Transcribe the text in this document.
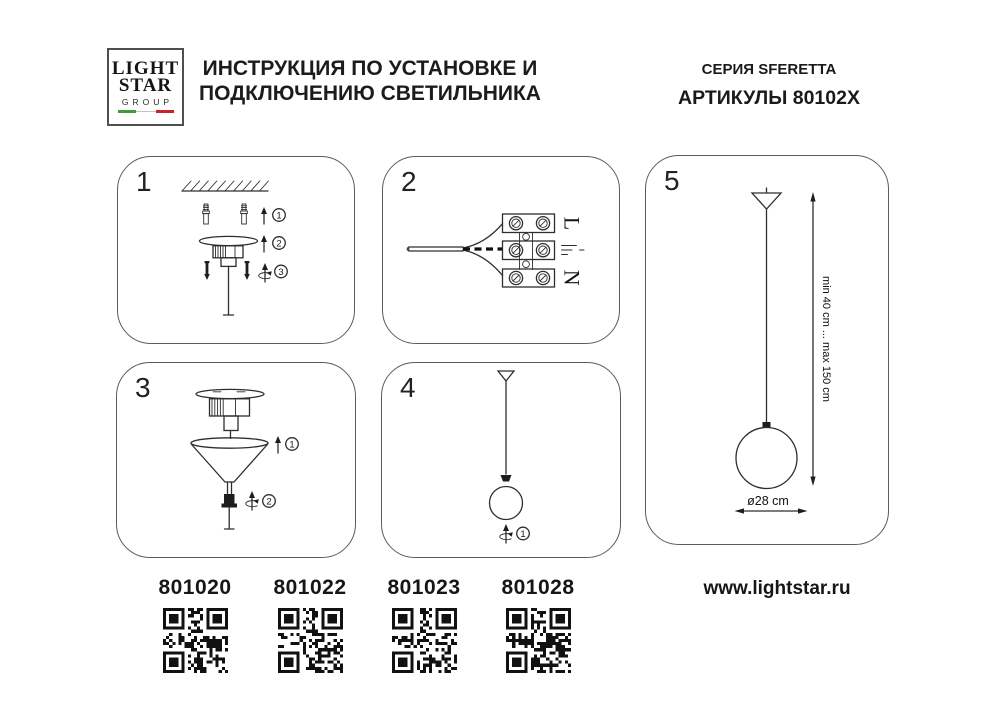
LIGHT
STAR
GROUP
ИНСТРУКЦИЯ ПО УСТАНОВКЕ И
ПОДКЛЮЧЕНИЮ СВЕТИЛЬНИКА
СЕРИЯ SFERETTA
АРТИКУЛЫ 80102X
1
1
2
3
2
L
N
3
1
2
4
1
5
min 40 cm ... max 150 cm
ø28 cm
801020	801022	801023	801028	www.lightstar.ru
